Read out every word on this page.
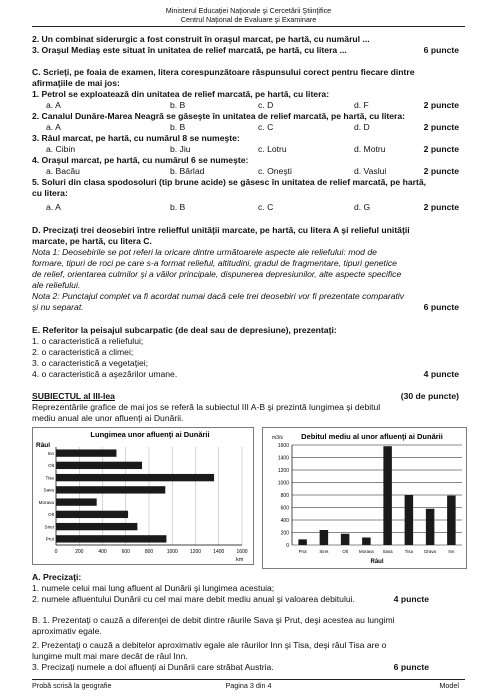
Ministerul Educaţiei Naţionale şi Cercetării Ştiinţifice
Centrul Naţional de Evaluare şi Examinare
2. Un combinat siderurgic a fost construit în oraşul marcat, pe hartă, cu numărul ...
3. Oraşul Mediaş este situat în unitatea de relief marcată, pe hartă, cu litera ...	6 puncte
C. Scrieţi, pe foaia de examen, litera corespunzătoare răspunsului corect pentru fiecare dintre
afirmaţiile de mai jos:
1. Petrol se exploatează din unitatea de relief marcată, pe hartă, cu litera:
a. A	b. B	c. D	d. F	2 puncte
2. Canalul Dunăre-Marea Neagră se găseşte în unitatea de relief marcată, pe hartă, cu litera:
a. A	b. B	c. C	d. D	2 puncte
3. Râul marcat, pe hartă, cu numărul 8 se numeşte:
a. Cibin	b. Jiu	c. Lotru	d. Motru	2 puncte
4. Oraşul marcat, pe hartă, cu numărul 6 se numeşte:
a. Bacău	b. Bârlad	c. Oneşti	d. Vaslui	2 puncte
5. Soluri din clasa spodosoluri (tip brune acide) se găsesc în unitatea de relief marcată, pe hartă,
cu litera:
a. A	b. B	c. C	d. G	2 puncte
D. Precizaţi trei deosebiri între reliefful unităţii marcate, pe hartă, cu litera A şi relieful unităţii
marcate, pe hartă, cu litera C.
Nota 1: Deosebirile se pot referi la oricare dintre următoarele aspecte ale reliefului: mod de
formare, tipuri de roci pe care s-a format relieful, altitudini, gradul de fragmentare, tipuri genetice
de relief, orientarea culmilor şi a văilor principale, dispunerea depresiunilor, alte aspecte specifice
ale reliefului.
Nota 2: Punctajul complet va fi acordat numai dacă cele trei deosebiri vor fi prezentate comparativ
şi nu separat.	6 puncte
E. Referitor la peisajul subcarpatic (de deal sau de depresiune), prezentaţi:
1. o caracteristică a reliefului;
2. o caracteristică a climei;
3. o caracteristică a vegetaţiei;
4. o caracteristică a aşezărilor umane.	4 puncte
SUBIECTUL al III-lea	(30 de puncte)
Reprezentările grafice de mai jos se referă la subiectul III A-B şi prezintă lungimea şi debitul
mediu anual ale unor afluenţi ai Dunării.
Lungimea unor afluenţi ai Dunării
Râul
0	200	400	600	800	1000 1200 1400 1600
Inn
Olt
Tisa
Sava
Morava
Olt
Siret
Prut
km
Debitul mediu al unor afluenţi ai Dunării
m3/s
0
200
400
600
800
1000
1200
1400
1600
Prut	Siret	Olt	Morava Sava	Tisa	Drava	Inn
Râul
A. Precizaţi:
1. numele celui mai lung afluent al Dunării şi lungimea acestuia;
2. numele afluentului Dunării cu cel mai mare debit mediu anual şi valoarea debitului.	4 puncte
B. 1. Prezentaţi o cauză a diferenţei de debit dintre râurile Sava şi Prut, deşi acestea au lungimi
aproximativ egale.
2. Prezentaţi o cauză a debitelor aproximativ egale ale râurilor Inn şi Tisa, deşi râul Tisa are o
lungime mult mai mare decât de râul Inn.
3. Precizaţi numele a doi afluenţi ai Dunării care străbat Austria.	6 puncte
Probă scrisă la geografie	Pagina 3 din 4	Model
